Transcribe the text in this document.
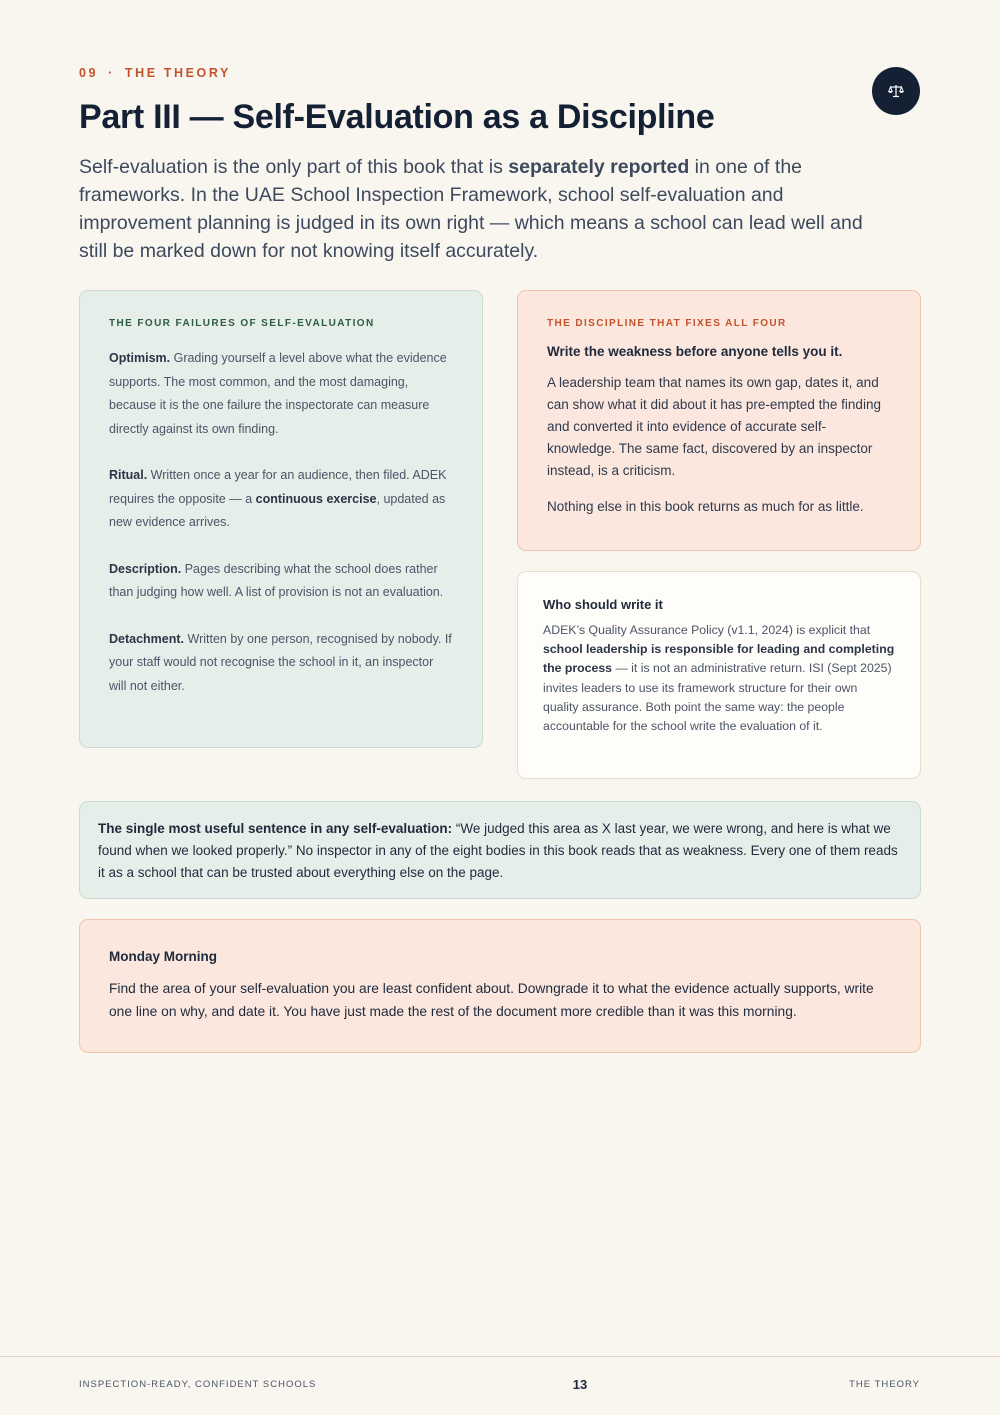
09 · THE THEORY
Part III — Self-Evaluation as a Discipline

Self-evaluation is the only part of this book that is separately reported in one of the frameworks. In the UAE School Inspection Framework, school self-evaluation and improvement planning is judged in its own right — which means a school can lead well and still be marked down for not knowing itself accurately.

THE FOUR FAILURES OF SELF-EVALUATION

Optimism. Grading yourself a level above what the evidence supports. The most common, and the most damaging, because it is the one failure the inspectorate can measure directly against its own finding.

Ritual. Written once a year for an audience, then filed. ADEK requires the opposite — a continuous exercise, updated as new evidence arrives.

Description. Pages describing what the school does rather than judging how well. A list of provision is not an evaluation.

Detachment. Written by one person, recognised by nobody. If your staff would not recognise the school in it, an inspector will not either.

THE DISCIPLINE THAT FIXES ALL FOUR

Write the weakness before anyone tells you it.

A leadership team that names its own gap, dates it, and can show what it did about it has pre-empted the finding and converted it into evidence of accurate self-knowledge. The same fact, discovered by an inspector instead, is a criticism.

Nothing else in this book returns as much for as little.

Who should write it

ADEK’s Quality Assurance Policy (v1.1, 2024) is explicit that school leadership is responsible for leading and completing the process — it is not an administrative return. ISI (Sept 2025) invites leaders to use its framework structure for their own quality assurance. Both point the same way: the people accountable for the school write the evaluation of it.

The single most useful sentence in any self-evaluation: “We judged this area as X last year, we were wrong, and here is what we found when we looked properly.” No inspector in any of the eight bodies in this book reads that as weakness. Every one of them reads it as a school that can be trusted about everything else on the page.

Monday Morning

Find the area of your self-evaluation you are least confident about. Downgrade it to what the evidence actually supports, write one line on why, and date it. You have just made the rest of the document more credible than it was this morning.

INSPECTION-READY, CONFIDENT SCHOOLS	13	THE THEORY
